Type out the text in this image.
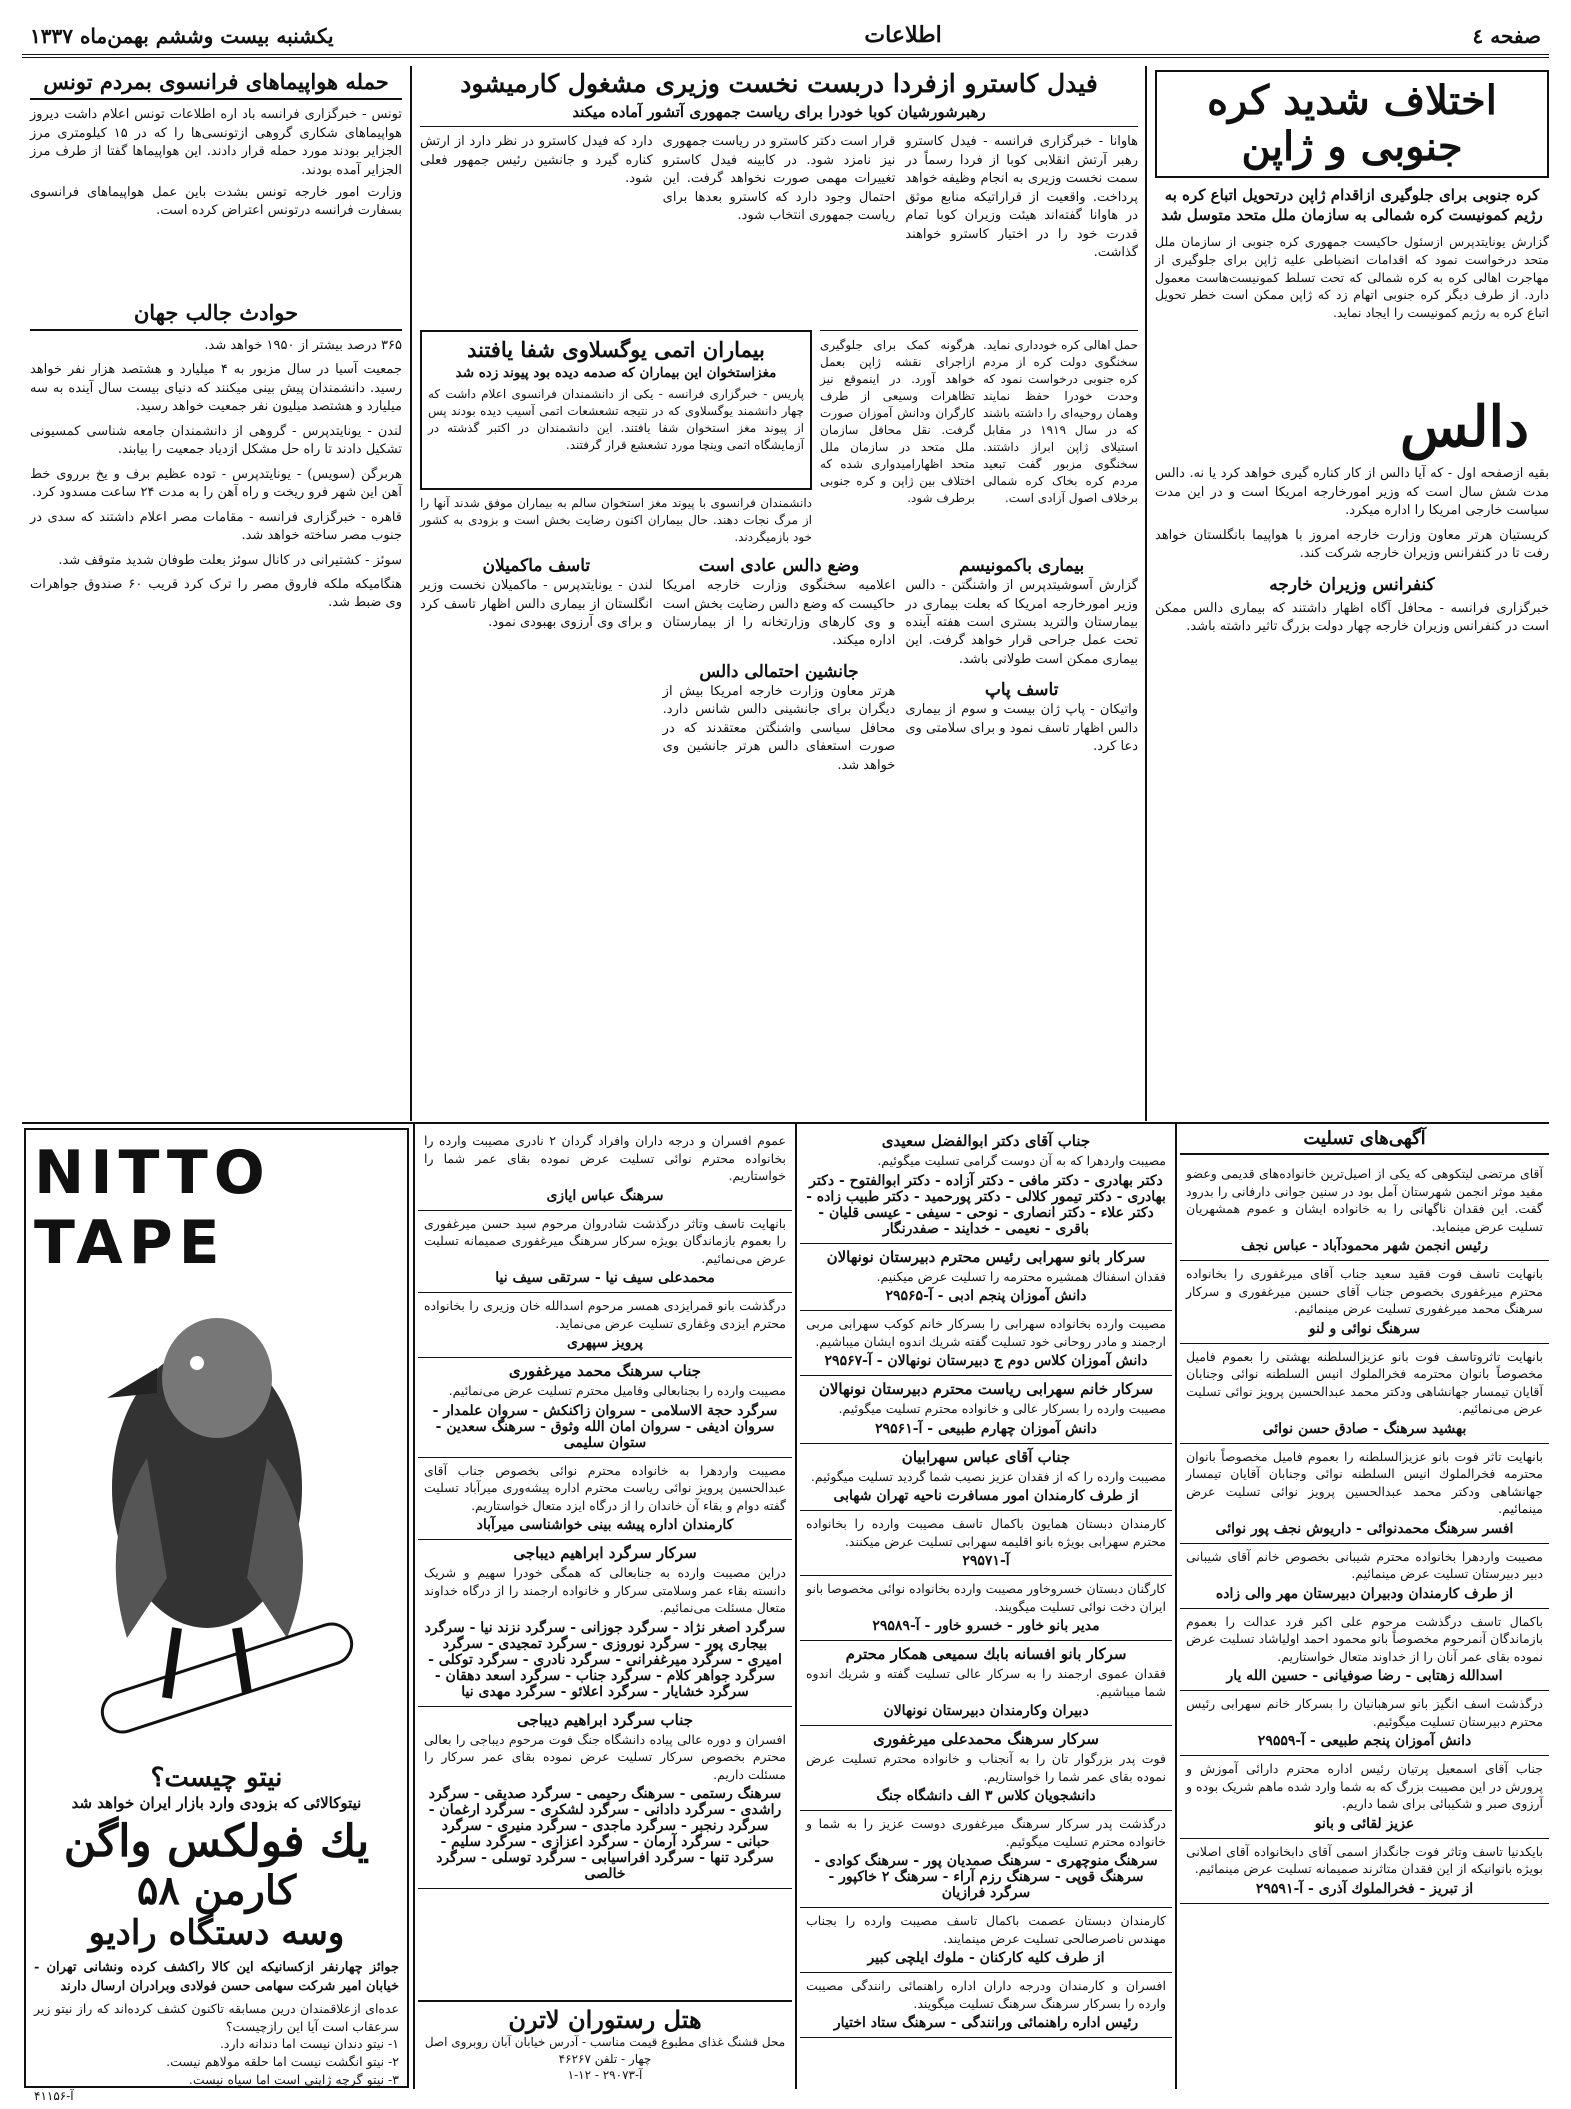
صفحه ٤
اطلاعات
یکشنبه بیست وششم بهمن‌ماه ۱۳۳۷
اختلاف شدید کره جنوبی و ژاپن
کره جنوبی برای جلوگیری ازاقدام ژاپن درتحویل اتباع کره به رژیم کمونیست کره شمالی به سازمان ملل متحد متوسل شد
گزارش یونایتدپرس ازسئول حاکیست جمهوری کره جنوبی از سازمان ملل متحد درخواست نمود که اقدامات انضباطی علیه ژاپن برای جلوگیری از مهاجرت اهالی کره به کره شمالی که تحت تسلط کمونیست‌هاست معمول دارد. از طرف دیگر کره جنوبی اتهام زد که ژاپن ممکن است خطر تحویل اتباع کره به رژیم کمونیست را ایجاد نماید.
فیدل کاسترو ازفردا دربست نخست وزیری مشغول کارمیشود
رهبرشورشیان کوبا خودرا برای ریاست جمهوری آتشور آماده میکند
هاوانا - خبرگزاری فرانسه - فیدل کاسترو رهبر آرتش انقلابی کوبا از فردا رسماً در سمت نخست وزیری به انجام وظیفه خواهد پرداخت. واقعیت از قراراتیکه منابع موثق در هاوانا گفته‌اند هیئت وزیران کوبا تمام قدرت خود را در اختیار کاسترو خواهند گذاشت.
قرار است دکتر کاسترو در ریاست جمهوری نیز نامزد شود. در کابینه فیدل کاسترو تغییرات مهمی صورت نخواهد گرفت. این احتمال وجود دارد که کاسترو بعدها برای ریاست جمهوری انتخاب شود.
دارد که فیدل کاسترو در نظر دارد از ارتش کناره گیرد و جانشین رئیس جمهور فعلی شود.
حمل اهالی کره خودداری نماید. سخنگوی دولت کره از مردم کره جنوبی درخواست نمود که وحدت خودرا حفظ نمایند وهمان روحیه‌ای را داشته باشند که در سال ۱۹۱۹ در مقابل استیلای ژاپن ابراز داشتند. سخنگوی مزبور گفت تبعید مردم کره بخاک کره شمالی برخلاف اصول آزادی است.
هرگونه کمک برای جلوگیری ازاجرای نقشه ژاپن بعمل خواهد آورد. در اینموقع نیز تظاهرات وسیعی از طرف کارگران ودانش آموزان صورت گرفت. نقل محافل سازمان ملل متحد در سازمان ملل متحد اظهارامیدواری شده که اختلاف بین ژاپن و کره جنوبی برطرف شود.
بیماران اتمی یوگسلاوی شفا یافتند
مغزاستخوان این بیماران که صدمه دیده بود پیوند زده شد
پاریس - خبرگزاری فرانسه - یکی از دانشمندان فرانسوی اعلام داشت که چهار دانشمند یوگسلاوی که در نتیجه تشعشعات اتمی آسیب دیده بودند پس از پیوند مغز استخوان شفا یافتند. این دانشمندان در اکتبر گذشته در آزمایشگاه اتمی وینچا مورد تشعشع قرار گرفتند.
دانشمندان فرانسوی با پیوند مغز استخوان سالم به بیماران موفق شدند آنها را از مرگ نجات دهند. حال بیماران اکنون رضایت بخش است و بزودی به کشور خود بازمیگردند.
حمله هواپیماهای فرانسوی بمردم تونس
تونس - خبرگزاری فرانسه باد اره اطلاعات تونس اعلام داشت دیروز هواپیماهای شکاری گروهی ازتونسی‌ها را که در ۱۵ کیلومتری مرز الجزایر بودند مورد حمله قرار دادند. این هواپیماها گفتا از طرف مرز الجزایر آمده بودند.
وزارت امور خارجه تونس بشدت باین عمل هواپیماهای فرانسوی بسفارت فرانسه درتونس اعتراض کرده است.
حوادث جالب جهان
۳۶۵ درصد بیشتر از ۱۹۵۰ خواهد شد.
جمعیت آسیا در سال مزبور به ۴ میلیارد و هشتصد هزار نفر خواهد رسید. دانشمندان پیش بینی میکنند که دنیای بیست سال آینده به سه میلیارد و هشتصد میلیون نفر جمعیت خواهد رسید.
لندن - یونایتدپرس - گروهی از دانشمندان جامعه شناسی کمسیونی تشکیل دادند تا راه حل مشکل ازدیاد جمعیت را بیابند.
هربرگن (سویس) - یونایتدپرس - توده عظیم برف و یخ برروی خط آهن این شهر فرو ریخت و راه آهن را به مدت ۲۴ ساعت مسدود کرد.
قاهره - خبرگزاری فرانسه - مقامات مصر اعلام داشتند که سدی در جنوب مصر ساخته خواهد شد.
سوئز - کشتیرانی در کانال سوئز بعلت طوفان شدید متوقف شد.
هنگامیکه ملکه فاروق مصر را ترک کرد قریب ۶۰ صندوق جواهرات وی ضبط شد.
دالس
بقیه ازصفحه اول - که آیا دالس از کار کناره گیری خواهد کرد یا نه. دالس مدت شش سال است که وزیر امورخارجه امریکا است و در این مدت سیاست خارجی امریکا را اداره میکرد.
کریستیان هرتر معاون وزارت خارجه امروز با هواپیما بانگلستان خواهد رفت تا در کنفرانس وزیران خارجه شرکت کند.
کنفرانس وزیران خارجه
خبرگزاری فرانسه - محافل آگاه اظهار داشتند که بیماری دالس ممکن است در کنفرانس وزیران خارجه چهار دولت بزرگ تاثیر داشته باشد.
بیماری باکمونیسم
گزارش آسوشیتدپرس از واشنگتن - دالس وزیر امورخارجه امریکا که بعلت بیماری در بیمارستان والترید بستری است هفته آینده تحت عمل جراحی قرار خواهد گرفت. این بیماری ممکن است طولانی باشد.
تاسف پاپ
واتیکان - پاپ ژان بیست و سوم از بیماری دالس اظهار تاسف نمود و برای سلامتی وی دعا کرد.
وضع دالس عادی است
اعلامیه سخنگوی وزارت خارجه امریکا حاکیست که وضع دالس رضایت بخش است و وی کارهای وزارتخانه را از بیمارستان اداره میکند.
جانشین احتمالی دالس
هرتر معاون وزارت خارجه امریکا بیش از دیگران برای جانشینی دالس شانس دارد. محافل سیاسی واشنگتن معتقدند که در صورت استعفای دالس هرتر جانشین وی خواهد شد.
تاسف ماکمیلان
لندن - یونایتدپرس - ماکمیلان نخست وزیر انگلستان از بیماری دالس اظهار تاسف کرد و برای وی آرزوی بهبودی نمود.
NITTO TAPE
نیتو چیست؟
نیتوکالائی که بزودی وارد بازار ایران خواهد شد
یك فولکس واگن
کارمن ۵۸
وسه دستگاه رادیو
جوائز چهارنفر ازکسانیکه این کالا راکشف کرده ونشانی تهران - خیابان امیر شرکت سهامی حسن فولادی وبرادران ارسال دارند
عده‌ای ازعلاقمندان درین مسابقه تاکنون کشف کرده‌اند که راز نیتو زیر سرعقاب است آیا این رازچیست؟
۱- نیتو دندان نیست اما دندانه دارد.
۲- نیتو انگشت نیست اما حلقه مولاهم نیست.
۳- نیتو گرچه ژاپنی است اما سیاه نیست.
آ-۴۱۱۵۶
آگهی‌های تسلیت
آقای مرتضی لیتکوهی که یکی از اصیل‌ترین خانواده‌های قدیمی وعضو مفید موثر انجمن شهرستان آمل بود در سنین جوانی دارفانی را بدرود گفت. این فقدان ناگهانی را به خانواده ایشان و عموم همشهریان تسلیت عرض مینماید.
رئیس انجمن شهر محمودآباد - عباس نجف
بانهایت تاسف فوت فقید سعید جناب آقای میرغفوری را بخانواده محترم میرغفوری بخصوص جناب آقای حسین میرغفوری و سرکار سرهنگ محمد میرغفوری تسلیت عرض مینمائیم.
سرهنگ نوائی و لنو
بانهایت تاثروتاسف فوت بانو عزیزالسلطنه بهشتی را بعموم فامیل مخصوصاً بانوان محترمه فخرالملوك انیس السلطنه نوائی وجنابان آقایان تیمسار جهانشاهی ودکتر محمد عبدالحسین پرویز نوائی تسلیت عرض می‌نمائیم.
بهشید سرهنگ - صادق حسن نوائی
بانهایت تاثر فوت بانو عزیزالسلطنه را بعموم فامیل مخصوصاً بانوان محترمه فخرالملوك انیس السلطنه نوائی وجنابان آقایان تیمسار جهانشاهی ودکتر محمد عبدالحسین پرویز نوائی تسلیت عرض مینمائیم.
افسر سرهنگ محمدنوائی - داریوش نجف پور نوائی
مصیبت واردهرا بخانواده محترم شیبانی بخصوص خانم آقای شیبانی دبیر دبیرستان تسلیت عرض مینمائیم.
از طرف کارمندان ودبیران دبیرستان مهر والی زاده
باکمال تاسف درگذشت مرحوم علی اکبر فرد عدالت را بعموم بازماندگان آنمرحوم مخصوصاً بانو محمود احمد اولیاشاد تسلیت عرض نموده بقای عمر آنان را از خداوند متعال خواستاریم.
اسدالله زهتابی - رضا صوفیانی - حسین الله یار
درگذشت اسف انگیز بانو سرهبانیان را بسرکار خانم سهرابی رئیس محترم دبیرستان تسلیت میگوئیم.
دانش آموزان پنجم طبیعی - آ-۲۹۵۵۹
جناب آقای اسمعیل پرتیان رئیس اداره محترم دارائی آموزش و پرورش در این مصیبت بزرگ که به شما وارد شده ماهم شریک بوده و آرزوی صبر و شکیبائی برای شما داریم.
عزیز لقائی و بانو
بایکدنیا تاسف وتاثر فوت جانگداز اسمی آقای دابخانواده آقای اصلانی بویژه بانوانیکه از این فقدان متاثرند صمیمانه تسلیت عرض مینمائیم.
از تبریز - فخرالملوك آذری - آ-۲۹۵۹۱
جناب آقای دکتر ابوالفضل سعیدی
مصیبت واردهرا که به آن دوست گرامی تسلیت میگوئیم.
دکتر بهادری - دکتر مافی - دکتر آزاده - دکتر ابوالفتوح - دکتر بهادری - دکتر تیمور کلالی - دکتر پورحمید - دکتر طبیب زاده - دکتر علاء - دکتر انصاری - نوحی - سیفی - عیسی قلیان - باقری - نعیمی - خدایند - صفدرنگار
سرکار بانو سهرابی رئیس محترم دبیرستان نونهالان
فقدان اسفناك همشیره محترمه را تسلیت عرض میکنیم.
دانش آموزان پنجم ادبی - آ-۲۹۵۶۵
مصیبت وارده بخانواده سهرابی را بسرکار خانم کوکب سهرابی مربی ارجمند و مادر روحانی خود تسلیت گفته شریك اندوه ایشان میباشیم.
دانش آموزان کلاس دوم ج دبیرستان نونهالان - آ-۲۹۵۶۷
سرکار خانم سهرابی ریاست محترم دبیرستان نونهالان
مصیبت وارده را بسرکار عالی و خانواده محترم تسلیت میگوئیم.
دانش آموزان چهارم طبیعی - آ-۲۹۵۶۱
جناب آقای عباس سهرابیان
مصیبت وارده را که از فقدان عزیز نصیب شما گردید تسلیت میگوئیم.
از طرف کارمندان امور مسافرت ناحیه تهران شهابی
کارمندان دبستان همایون باکمال تاسف مصیبت وارده را بخانواده محترم سهرابی بویژه بانو اقلیمه سهرابی تسلیت عرض میکنند.
آ-۲۹۵۷۱
کارگنان دبستان خسروخاور مصیبت وارده بخانواده نوائی مخصوصا بانو ایران دخت نوائی تسلیت میگویند.
مدیر بانو خاور - خسرو خاور - آ-۲۹۵۸۹
سرکار بانو افسانه بابك سمیعی همکار محترم
فقدان عموی ارجمند را به سرکار عالی تسلیت گفته و شریك اندوه شما میباشیم.
دبیران وکارمندان دبیرستان نونهالان
سرکار سرهنگ محمدعلی میرغفوری
فوت پدر بزرگوار تان را به آنجناب و خانواده محترم تسلیت عرض نموده بقای عمر شما را خواستاریم.
دانشجویان کلاس ۳ الف دانشگاه جنگ
درگذشت پدر سرکار سرهنگ میرغفوری دوست عزیز را به شما و خانواده محترم تسلیت میگوئیم.
سرهنگ منوچهری - سرهنگ صمدیان پور - سرهنگ کوادی - سرهنگ قوپی - سرهنگ رزم آراء - سرهنگ ۲ خاکپور - سرگرد فرازیان
کارمندان دبستان عصمت باکمال تاسف مصیبت وارده را بجناب مهندس ناصرصالحی تسلیت عرض مینمایند.
از طرف کلیه کارکنان - ملوك ایلچی کبیر
افسران و کارمندان ودرجه داران اداره راهنمائی رانندگی مصیبت وارده را بسرکار سرهنگ سرهنگ تسلیت میگویند.
رئیس اداره راهنمائی ورانندگی - سرهنگ ستاد اختیار
عموم افسران و درجه داران وافراد گردان ۲ نادری مصیبت وارده را بخانواده محترم نوائی تسلیت عرض نموده بقای عمر شما را خواستاریم.
سرهنگ عباس ایازی
بانهایت تاسف وتاثر درگذشت شادروان مرحوم سید حسن میرغفوری را بعموم بازماندگان بویژه سرکار سرهنگ میرغفوری صمیمانه تسلیت عرض می‌نمائیم.
محمدعلی سیف نیا - سرتقی سیف نیا
درگذشت بانو قمرایزدی همسر مرحوم اسدالله خان وزیری را بخانواده محترم ایزدی وغفاری تسلیت عرض می‌نماید.
پرویز سپهری
جناب سرهنگ محمد میرغفوری
مصیبت وارده را بجنابعالی وفامیل محترم تسلیت عرض می‌نمائیم.
سرگرد حجة الاسلامی - سروان زاکنکش - سروان علمدار - سروان ادیفی - سروان امان الله وثوق - سرهنگ سعدین - ستوان سلیمی
مصیبت واردهرا به خانواده محترم نوائی بخصوص جناب آقای عبدالحسین پرویز نوائی ریاست محترم اداره پیشه‌وری میرآباد تسلیت گفته دوام و بقاء آن خاندان را از درگاه ایزد متعال خواستاریم.
کارمندان اداره پیشه بینی خواشناسی میرآباد
سرکار سرگرد ابراهیم دیباجی
دراین مصیبت وارده به جنابعالی که همگی خودرا سهیم و شریک دانسته بقاء عمر وسلامتی سرکار و خانواده ارجمند را از درگاه خداوند متعال مسئلت می‌نمائیم.
سرگرد اصغر نژاد - سرگرد جوزانی - سرگرد نزند نیا - سرگرد بیجاری پور - سرگرد نوروزی - سرگرد تمجیدی - سرگرد امیری - سرگرد میرغفرانی - سرگرد نادری - سرگرد توکلی - سرگرد جواهر کلام - سرگرد جناب - سرگرد اسعد دهقان - سرگرد خشایار - سرگرد اعلائو - سرگرد مهدی نیا
جناب سرگرد ابراهیم دیباجی
افسران و دوره عالی پیاده دانشگاه جنگ فوت مرحوم دیباجی را بعالی محترم بخصوص سرکار تسلیت عرض نموده بقای عمر سرکار را مسئلت داریم.
سرهنگ رستمی - سرهنگ رحیمی - سرگرد صدیقی - سرگرد راشدی - سرگرد دادانی - سرگرد لشکری - سرگرد ارغمان - سرگرد رنجبر - سرگرد ماجدی - سرگرد منیری - سرگرد حبانی - سرگرد آرمان - سرگرد اعزازی - سرگرد سلیم - سرگرد تنها - سرگرد افراسیابی - سرگرد توسلی - سرگرد خالصی
هتل رستوران لاترن
محل قشنگ غذای مطبوع قیمت مناسب - آدرس خیابان آبان روبروی اصل چهار - تلفن ۴۶۲۶۷
آ-۲۹۰۷۳ - ۱۲-۱
